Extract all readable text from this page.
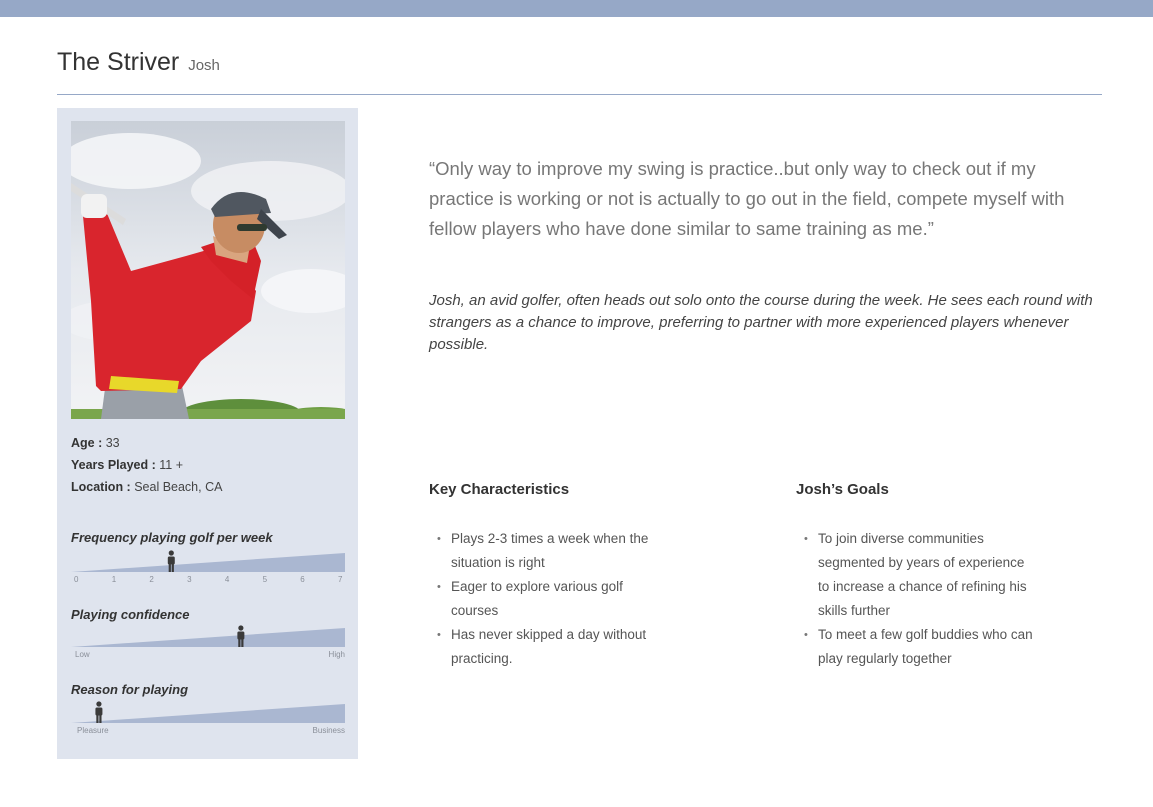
The Striver Josh
Age : 33
Years Played : 11 +
Location : Seal Beach, CA
Frequency playing golf per week
0	1	2	3	4	5	6	7
Playing confidence
Low	High
Reason for playing
Pleasure	Business
“Only way to improve my swing is practice..but only way to check out if my practice is working or not is actually to go out in the field, compete myself with fellow players who have done similar to same training as me.”
Josh, an avid golfer, often heads out solo onto the course during the week. He sees each round with strangers as a chance to improve, preferring to partner with more experienced players whenever possible.
Key Characteristics
• Plays 2-3 times a week when the situation is right
• Eager to explore various golf courses
• Has never skipped a day without practicing.
Josh’s Goals
• To join diverse communities segmented by years of experience to increase a chance of refining his skills further
• To meet a few golf buddies who can play regularly together
